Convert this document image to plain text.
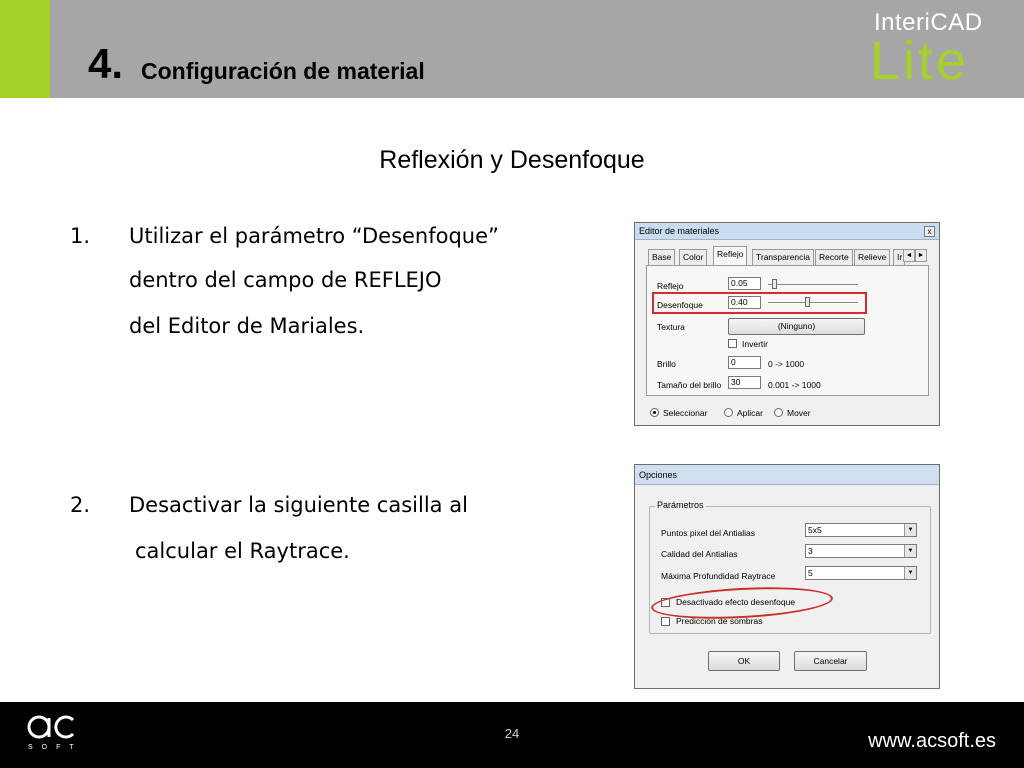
4. Configuración de material
InteriCAD
Lite
Reflexión y Desenfoque
1. Utilizar el parámetro “Desenfoque”
dentro del campo de REFLEJO
del Editor de Mariales.
2. Desactivar la siguiente casilla al
calcular el Raytrace.
Editor de materiales	x
Base	Color	Reflejo	Transparencia	Recorte	Relieve	Ir ◄ ►
Reflejo	0.05
Desenfoque	0.40
Textura	(Ninguno)
Invertir
Brillo	0	0 -> 1000
Tamaño del brillo	30	0.001 -> 1000
Seleccionar	Aplicar	Mover
Opciones
Parámetros
Puntos pixel del Antialias	5x5	▼
Calidad del Antialias	3	▼
Máxima Profundidad Raytrace	5	▼
Desactivado efecto desenfoque
Predicción de sombras
OK	Cancelar
SOFT
24	www.acsoft.es
